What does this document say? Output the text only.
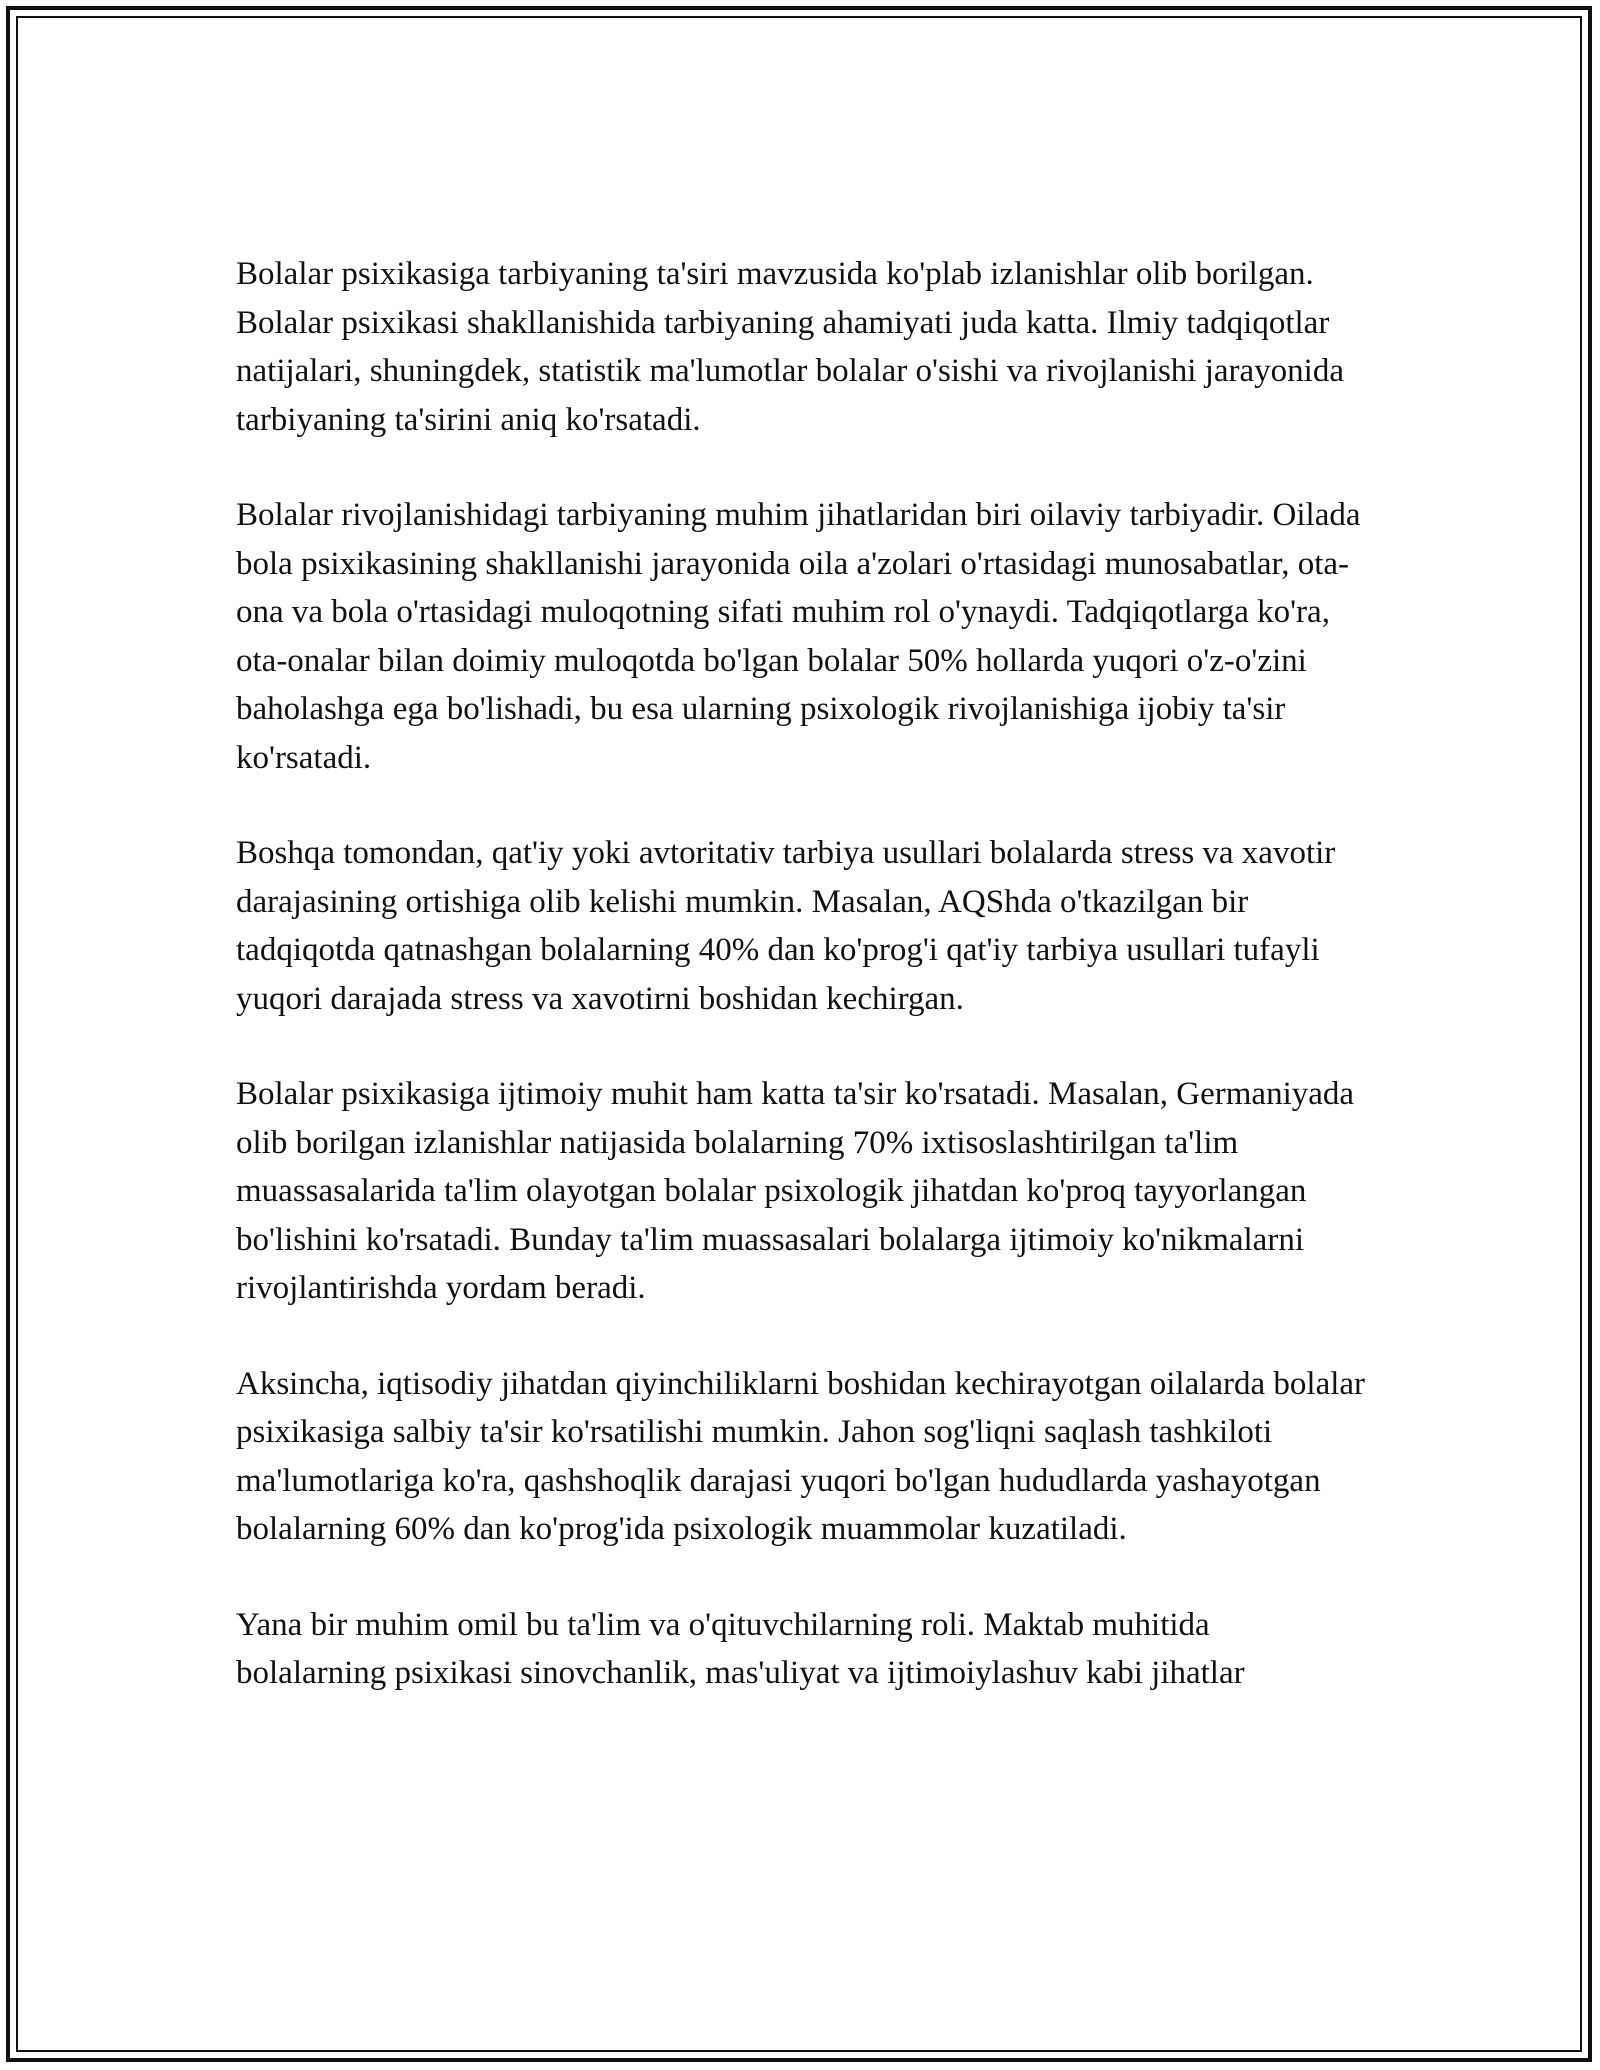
Bolalar psixikasiga tarbiyaning ta'siri mavzusida ko'plab izlanishlar olib borilgan. Bolalar psixikasi shakllanishida tarbiyaning ahamiyati juda katta. Ilmiy tadqiqotlar natijalari, shuningdek, statistik ma'lumotlar bolalar o'sishi va rivojlanishi jarayonida tarbiyaning ta'sirini aniq ko'rsatadi.

Bolalar rivojlanishidagi tarbiyaning muhim jihatlaridan biri oilaviy tarbiyadir. Oilada bola psixikasining shakllanishi jarayonida oila a'zolari o'rtasidagi munosabatlar, ota-ona va bola o'rtasidagi muloqotning sifati muhim rol o'ynaydi. Tadqiqotlarga ko'ra, ota-onalar bilan doimiy muloqotda bo'lgan bolalar 50% hollarda yuqori o'z-o'zini baholashga ega bo'lishadi, bu esa ularning psixologik rivojlanishiga ijobiy ta'sir ko'rsatadi.

Boshqa tomondan, qat'iy yoki avtoritativ tarbiya usullari bolalarda stress va xavotir darajasining ortishiga olib kelishi mumkin. Masalan, AQShda o'tkazilgan bir tadqiqotda qatnashgan bolalarning 40% dan ko'prog'i qat'iy tarbiya usullari tufayli yuqori darajada stress va xavotirni boshidan kechirgan.

Bolalar psixikasiga ijtimoiy muhit ham katta ta'sir ko'rsatadi. Masalan, Germaniyada olib borilgan izlanishlar natijasida bolalarning 70% ixtisoslashtirilgan ta'lim muassasalarida ta'lim olayotgan bolalar psixologik jihatdan ko'proq tayyorlangan bo'lishini ko'rsatadi. Bunday ta'lim muassasalari bolalarga ijtimoiy ko'nikmalarni rivojlantirishda yordam beradi.

Aksincha, iqtisodiy jihatdan qiyinchiliklarni boshidan kechirayotgan oilalarda bolalar psixikasiga salbiy ta'sir ko'rsatilishi mumkin. Jahon sog'liqni saqlash tashkiloti ma'lumotlariga ko'ra, qashshoqlik darajasi yuqori bo'lgan hududlarda yashayotgan bolalarning 60% dan ko'prog'ida psixologik muammolar kuzatiladi.

Yana bir muhim omil bu ta'lim va o'qituvchilarning roli. Maktab muhitida bolalarning psixikasi sinovchanlik, mas'uliyat va ijtimoiylashuv kabi jihatlar
